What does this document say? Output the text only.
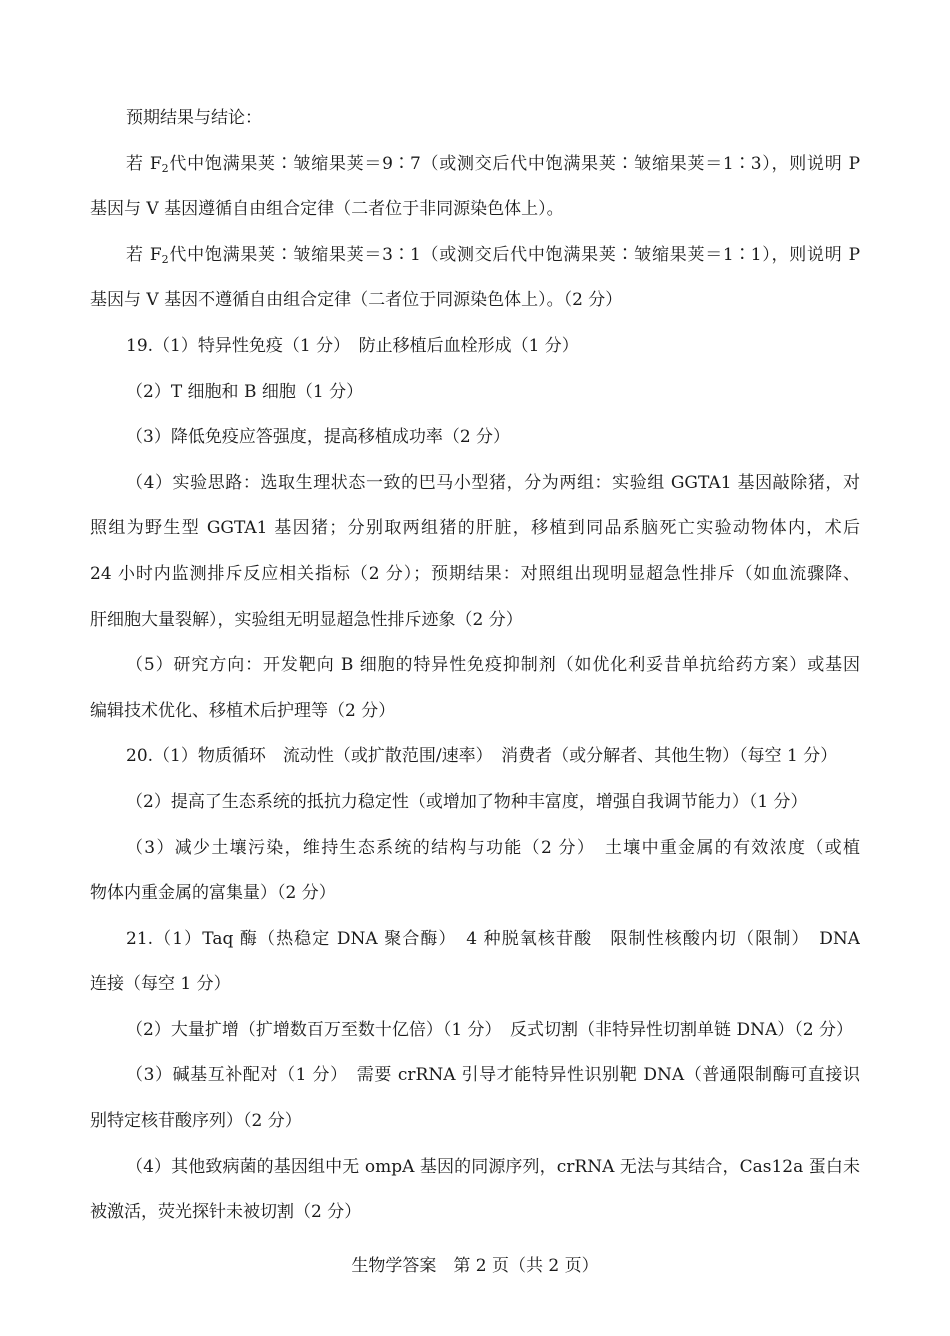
预期结果与结论：
若 $F_2$代中饱满果荚∶皱缩果荚＝9∶7（或测交后代中饱满果荚∶皱缩果荚＝1∶3），则说明 P
基因与 V 基因遵循自由组合定律（二者位于非同源染色体上）。
若 $F_2$代中饱满果荚∶皱缩果荚＝3∶1（或测交后代中饱满果荚∶皱缩果荚＝1∶1），则说明 P
基因与 V 基因不遵循自由组合定律（二者位于同源染色体上）。（2 分）
19.（1）特异性免疫（1 分）　防止移植后血栓形成（1 分）
（2）T 细胞和 B 细胞（1 分）
（3）降低免疫应答强度，提高移植成功率（2 分）
（4）实验思路：选取生理状态一致的巴马小型猪，分为两组：实验组 GGTA1 基因敲除猪，对
照组为野生型 GGTA1 基因猪；分别取两组猪的肝脏，移植到同品系脑死亡实验动物体内，术后
24 小时内监测排斥反应相关指标（2 分）；预期结果：对照组出现明显超急性排斥（如血流骤降、
肝细胞大量裂解），实验组无明显超急性排斥迹象（2 分）
（5）研究方向：开发靶向 B 细胞的特异性免疫抑制剂（如优化利妥昔单抗给药方案）或基因
编辑技术优化、移植术后护理等（2 分）
20.（1）物质循环　流动性（或扩散范围/速率）　消费者（或分解者、其他生物）（每空 1 分）
（2）提高了生态系统的抵抗力稳定性（或增加了物种丰富度，增强自我调节能力）（1 分）
（3）减少土壤污染，维持生态系统的结构与功能（2 分）　土壤中重金属的有效浓度（或植
物体内重金属的富集量）（2 分）
21.（1）Taq 酶（热稳定 DNA 聚合酶）　4 种脱氧核苷酸　限制性核酸内切（限制）　DNA
连接（每空 1 分）
（2）大量扩增（扩增数百万至数十亿倍）（1 分）　反式切割（非特异性切割单链 DNA）（2 分）
（3）碱基互补配对（1 分）　需要 crRNA 引导才能特异性识别靶 DNA（普通限制酶可直接识
别特定核苷酸序列）（2 分）
（4）其他致病菌的基因组中无 ompA 基因的同源序列，crRNA 无法与其结合，Cas12a 蛋白未
被激活，荧光探针未被切割（2 分）
生物学答案　第 2 页（共 2 页）
